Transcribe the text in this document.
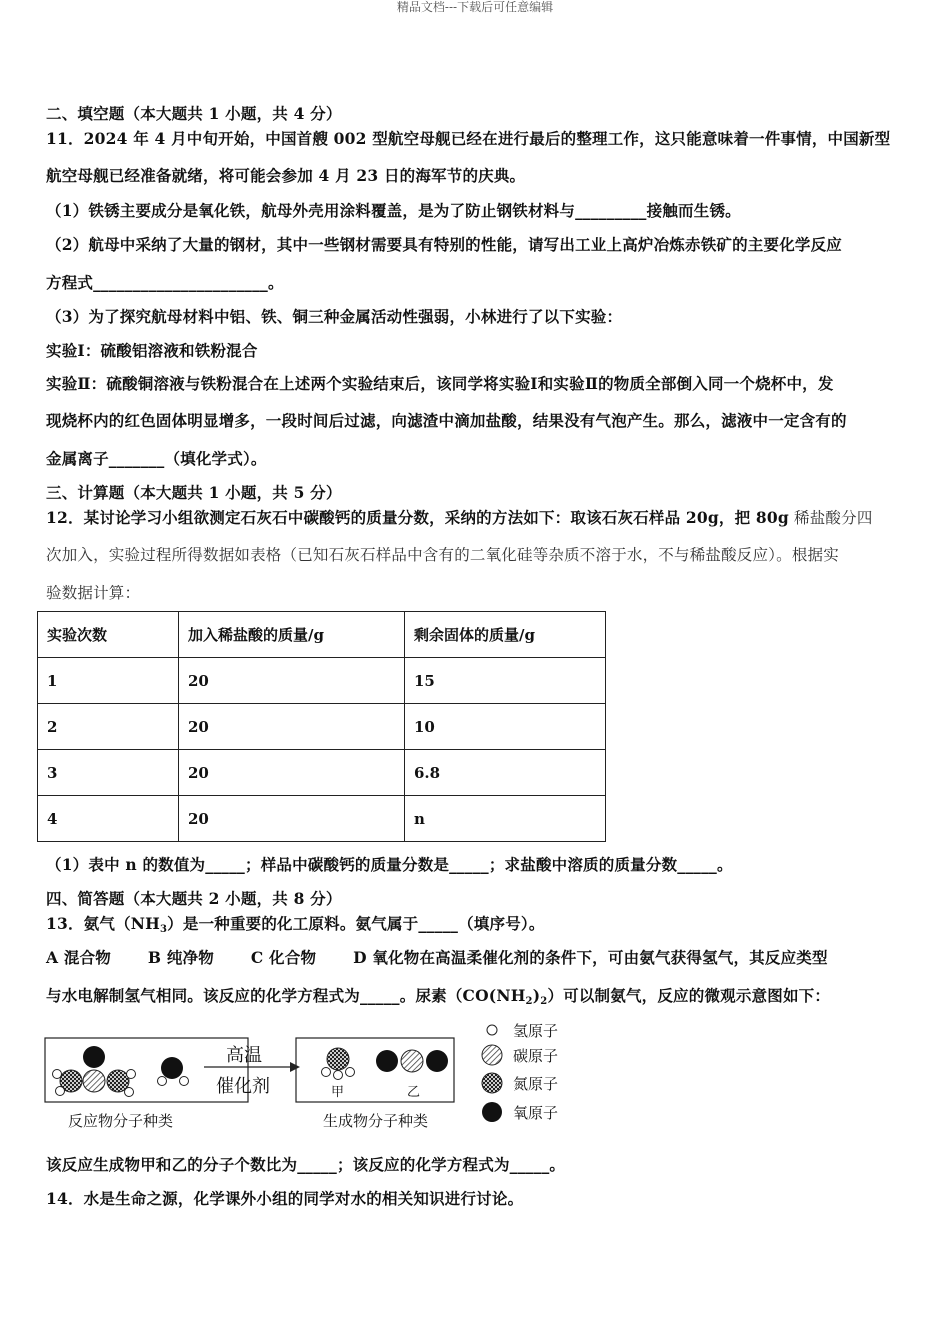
精品文档---下载后可任意编辑
二、填空题（本大题共 1 小题，共 4 分）
11．2024 年 4 月中旬开始，中国首艘 002 型航空母舰已经在进行最后的整理工作，这只能意味着一件事情，中国新型
航空母舰已经准备就绪，将可能会参加 4 月 23 日的海军节的庆典。
（1）铁锈主要成分是氧化铁，航母外壳用涂料覆盖，是为了防止钢铁材料与_________接触而生锈。
（2）航母中采纳了大量的钢材，其中一些钢材需要具有特别的性能，请写出工业上高炉冶炼赤铁矿的主要化学反应
方程式______________________。
（3）为了探究航母材料中铝、铁、铜三种金属活动性强弱，小林进行了以下实验：
实验Ⅰ：硫酸铝溶液和铁粉混合
实验Ⅱ：硫酸铜溶液与铁粉混合在上述两个实验结束后，该同学将实验Ⅰ和实验Ⅱ的物质全部倒入同一个烧杯中，发
现烧杯内的红色固体明显增多，一段时间后过滤，向滤渣中滴加盐酸，结果没有气泡产生。那么，滤液中一定含有的
金属离子_______（填化学式）。
三、计算题（本大题共 1 小题，共 5 分）
12．某讨论学习小组欲测定石灰石中碳酸钙的质量分数，采纳的方法如下：取该石灰石样品 20g，把 80g 稀盐酸分四
次加入，实验过程所得数据如表格（已知石灰石样品中含有的二氧化硅等杂质不溶于水，不与稀盐酸反应）。根据实
验数据计算：
实验次数	加入稀盐酸的质量/g	剩余固体的质量/g
1	20	15
2	20	10
3	20	6.8
4	20	n
（1）表中 n 的数值为_____；样品中碳酸钙的质量分数是_____；求盐酸中溶质的质量分数_____。
四、简答题（本大题共 2 小题，共 8 分）
13．氨气$(NH_3)$是一种重要的化工原料。氨气属于_____（填序号）。
A 混合物　　 B 纯净物　　 C 化合物　　 D 氧化物在高温柔催化剂的条件下，可由氨气获得氢气，其反应类型
与水电解制氢气相同。该反应的化学方程式为_____。尿素$(CO(NH_2)_2)$可以制氨气，反应的微观示意图如下：
高温
催化剂	甲	乙
反应物分子种类	生成物分子种类
氢原子
碳原子
氮原子
氧原子
该反应生成物甲和乙的分子个数比为_____；该反应的化学方程式为_____。
14．水是生命之源，化学课外小组的同学对水的相关知识进行讨论。
